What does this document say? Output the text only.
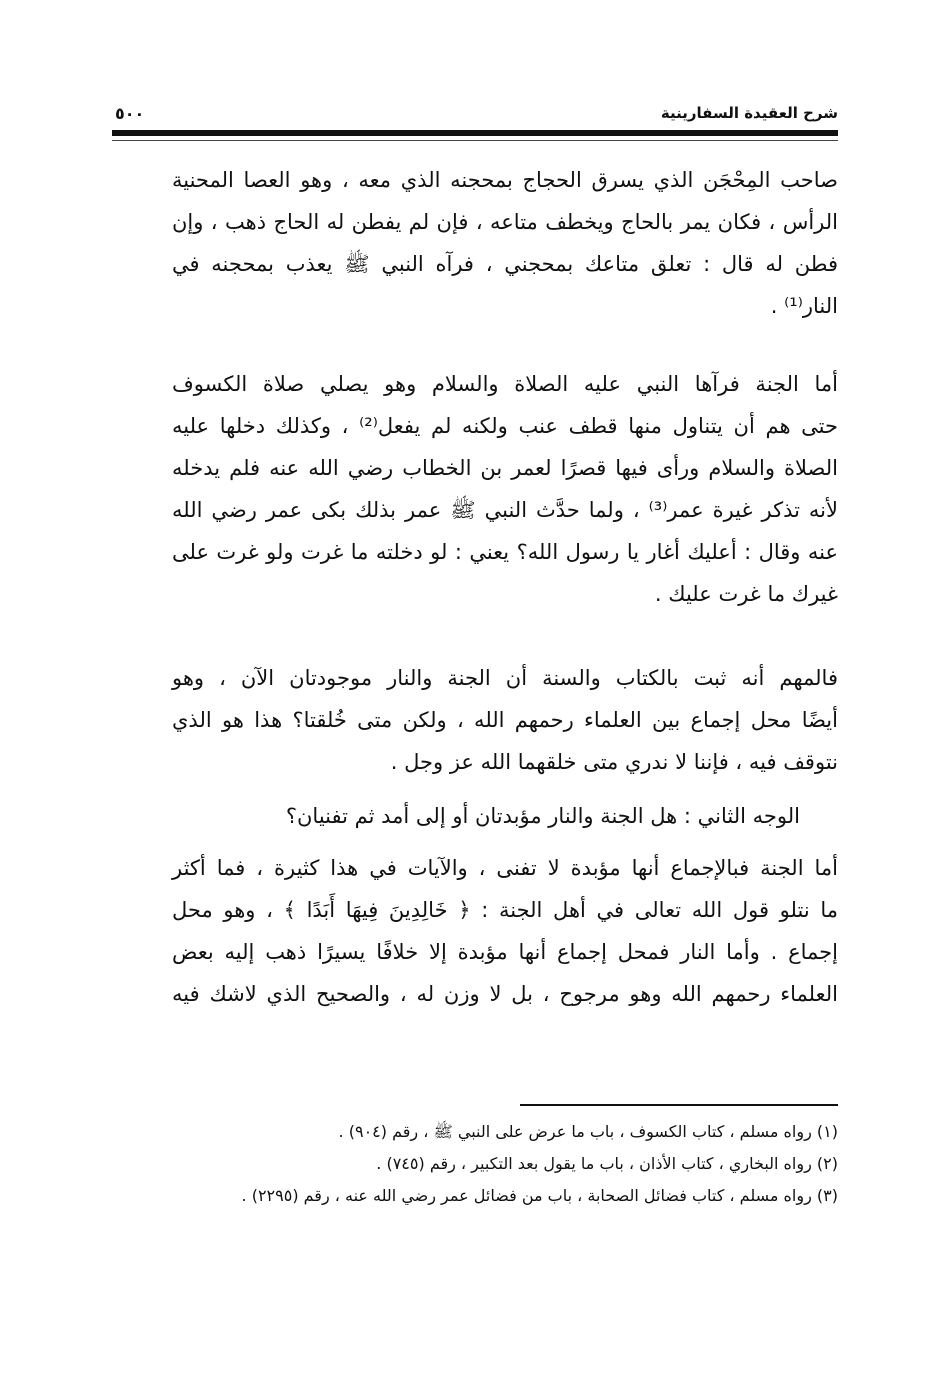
شرح العقيدة السفارينية
٥٠٠
صاحب المِحْجَن الذي يسرق الحجاج بمحجنه الذي معه ، وهو العصا المحنية
الرأس ، فكان يمر بالحاج ويخطف متاعه ، فإن لم يفطن له الحاج ذهب ، وإن
فطن له قال : تعلق متاعك بمحجني ، فرآه النبي ﷺ يعذب بمحجنه في
النار⁽¹⁾ .
أما الجنة فرآها النبي عليه الصلاة والسلام وهو يصلي صلاة الكسوف
حتى هم أن يتناول منها قطف عنب ولكنه لم يفعل⁽²⁾ ، وكذلك دخلها عليه
الصلاة والسلام ورأى فيها قصرًا لعمر بن الخطاب رضي الله عنه فلم يدخله
لأنه تذكر غيرة عمر⁽³⁾ ، ولما حدَّث النبي ﷺ عمر بذلك بكى عمر رضي الله
عنه وقال : أعليك أغار يا رسول الله؟ يعني : لو دخلته ما غرت ولو غرت على
غيرك ما غرت عليك .
فالمهم أنه ثبت بالكتاب والسنة أن الجنة والنار موجودتان الآن ، وهو
أيضًا محل إجماع بين العلماء رحمهم الله ، ولكن متى خُلقتا؟ هذا هو الذي
نتوقف فيه ، فإننا لا ندري متى خلقهما الله عز وجل .
الوجه الثاني : هل الجنة والنار مؤبدتان أو إلى أمد ثم تفنيان؟
أما الجنة فبالإجماع أنها مؤبدة لا تفنى ، والآيات في هذا كثيرة ، فما أكثر
ما نتلو قول الله تعالى في أهل الجنة : ﴿ خَالِدِينَ فِيهَا أَبَدًا ﴾ ، وهو محل
إجماع . وأما النار فمحل إجماع أنها مؤبدة إلا خلافًا يسيرًا ذهب إليه بعض
العلماء رحمهم الله وهو مرجوح ، بل لا وزن له ، والصحيح الذي لاشك فيه
(١) رواه مسلم ، كتاب الكسوف ، باب ما عرض على النبي ﷺ ، رقم (٩٠٤) .
(٢) رواه البخاري ، كتاب الأذان ، باب ما يقول بعد التكبير ، رقم (٧٤٥) .
(٣) رواه مسلم ، كتاب فضائل الصحابة ، باب من فضائل عمر رضي الله عنه ، رقم (٢٢٩٥) .
